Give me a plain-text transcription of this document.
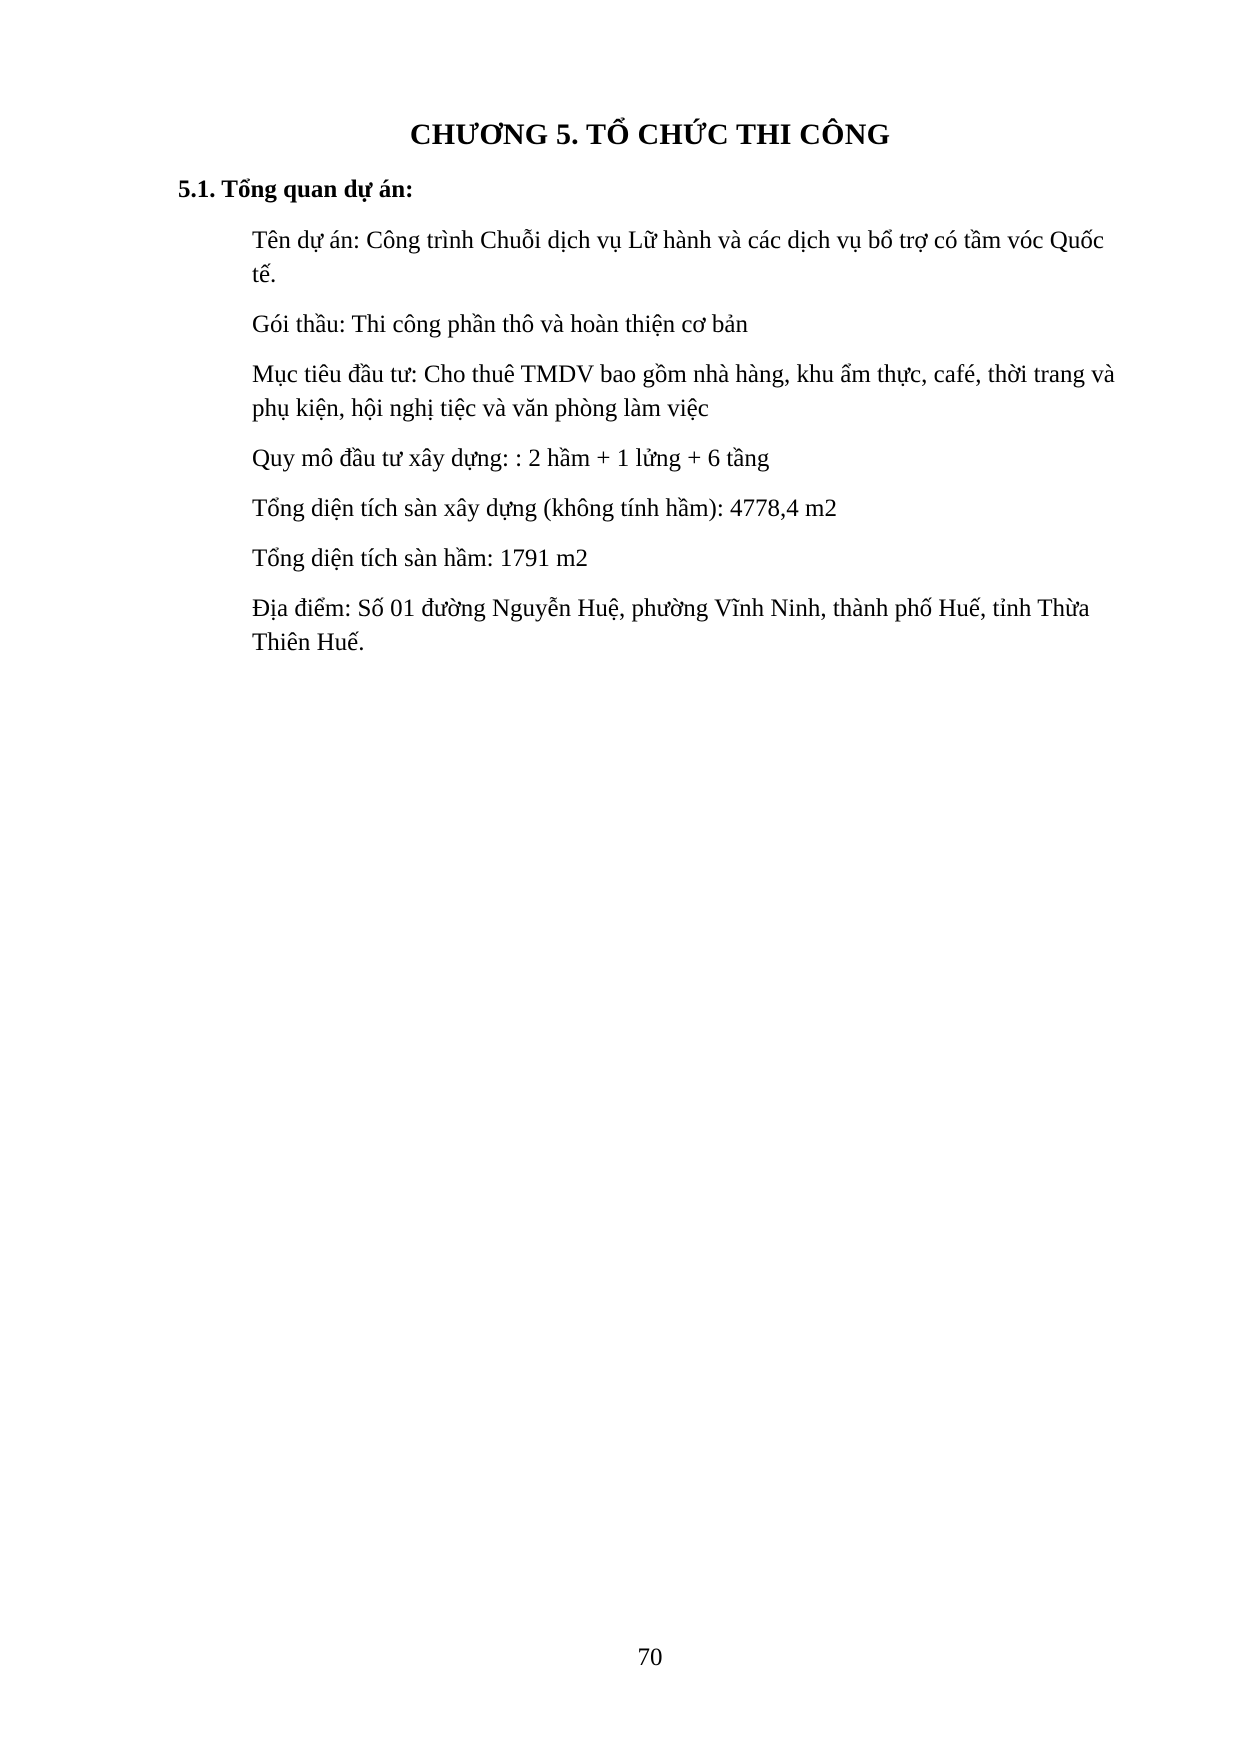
CHƯƠNG 5. TỔ CHỨC THI CÔNG
5.1. Tổng quan dự án:

Tên dự án: Công trình Chuỗi dịch vụ Lữ hành và các dịch vụ bổ trợ có tầm vóc Quốc tế.

Gói thầu: Thi công phần thô và hoàn thiện cơ bản

Mục tiêu đầu tư: Cho thuê TMDV bao gồm nhà hàng, khu ẩm thực, café, thời trang và phụ kiện, hội nghị tiệc và văn phòng làm việc

Quy mô đầu tư xây dựng: : 2 hầm + 1 lửng + 6 tầng

Tổng diện tích sàn xây dựng (không tính hầm): 4778,4 m2

Tổng diện tích sàn hầm: 1791 m2

Địa điểm: Số 01 đường Nguyễn Huệ, phường Vĩnh Ninh, thành phố Huế, tỉnh Thừa Thiên Huế.

70
